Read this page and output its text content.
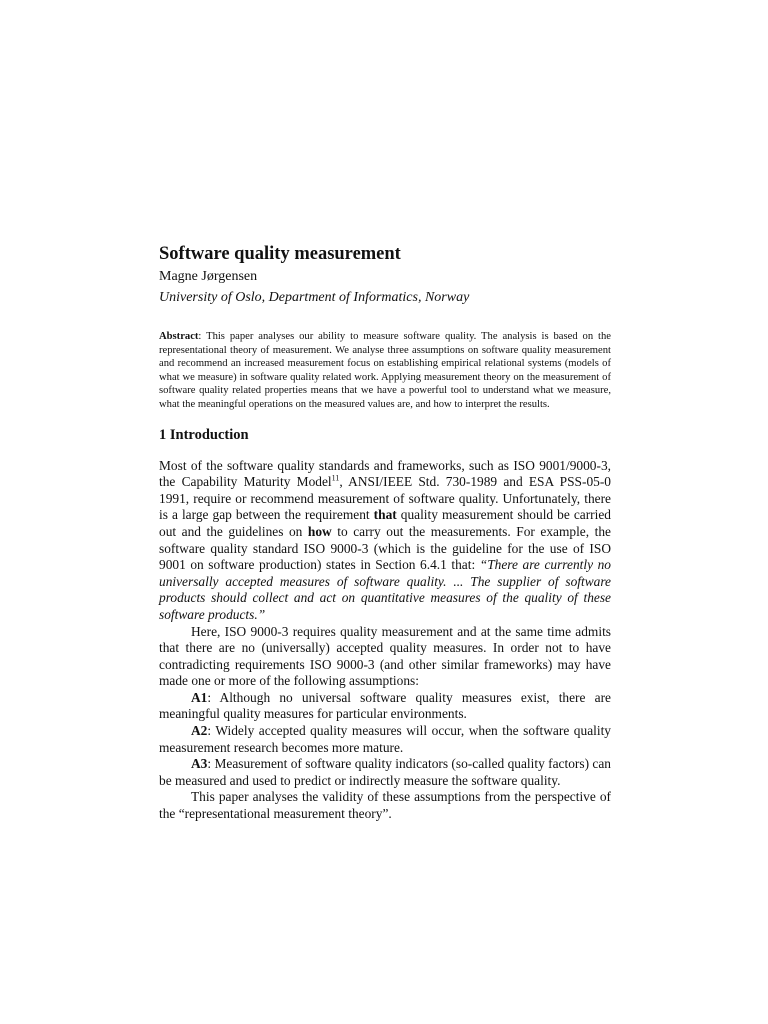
Software quality measurement
Magne Jørgensen
University of Oslo, Department of Informatics, Norway

Abstract: This paper analyses our ability to measure software quality. The analysis is based on the representational theory of measurement. We analyse three assumptions on software quality measurement and recommend an increased measurement focus on establishing empirical relational systems (models of what we measure) in software quality related work. Applying measurement theory on the measurement of software quality related properties means that we have a powerful tool to understand what we measure, what the meaningful operations on the measured values are, and how to interpret the results.

1 Introduction

Most of the software quality standards and frameworks, such as ISO 9001/9000-3, the Capability Maturity Model$^{11}$, ANSI/IEEE Std. 730-1989 and ESA PSS-05-0 1991, require or recommend measurement of software quality. Unfortunately, there is a large gap between the requirement that quality measurement should be carried out and the guidelines on how to carry out the measurements. For example, the software quality standard ISO 9000-3 (which is the guideline for the use of ISO 9001 on software production) states in Section 6.4.1 that: “There are currently no universally accepted measures of software quality. ... The supplier of software products should collect and act on quantitative measures of the quality of these software products.”

Here, ISO 9000-3 requires quality measurement and at the same time admits that there are no (universally) accepted quality measures. In order not to have contradicting requirements ISO 9000-3 (and other similar frameworks) may have made one or more of the following assumptions:

A1: Although no universal software quality measures exist, there are meaningful quality measures for particular environments.

A2: Widely accepted quality measures will occur, when the software quality measurement research becomes more mature.

A3: Measurement of software quality indicators (so-called quality factors) can be measured and used to predict or indirectly measure the software quality.

This paper analyses the validity of these assumptions from the perspective of the “representational measurement theory”.
